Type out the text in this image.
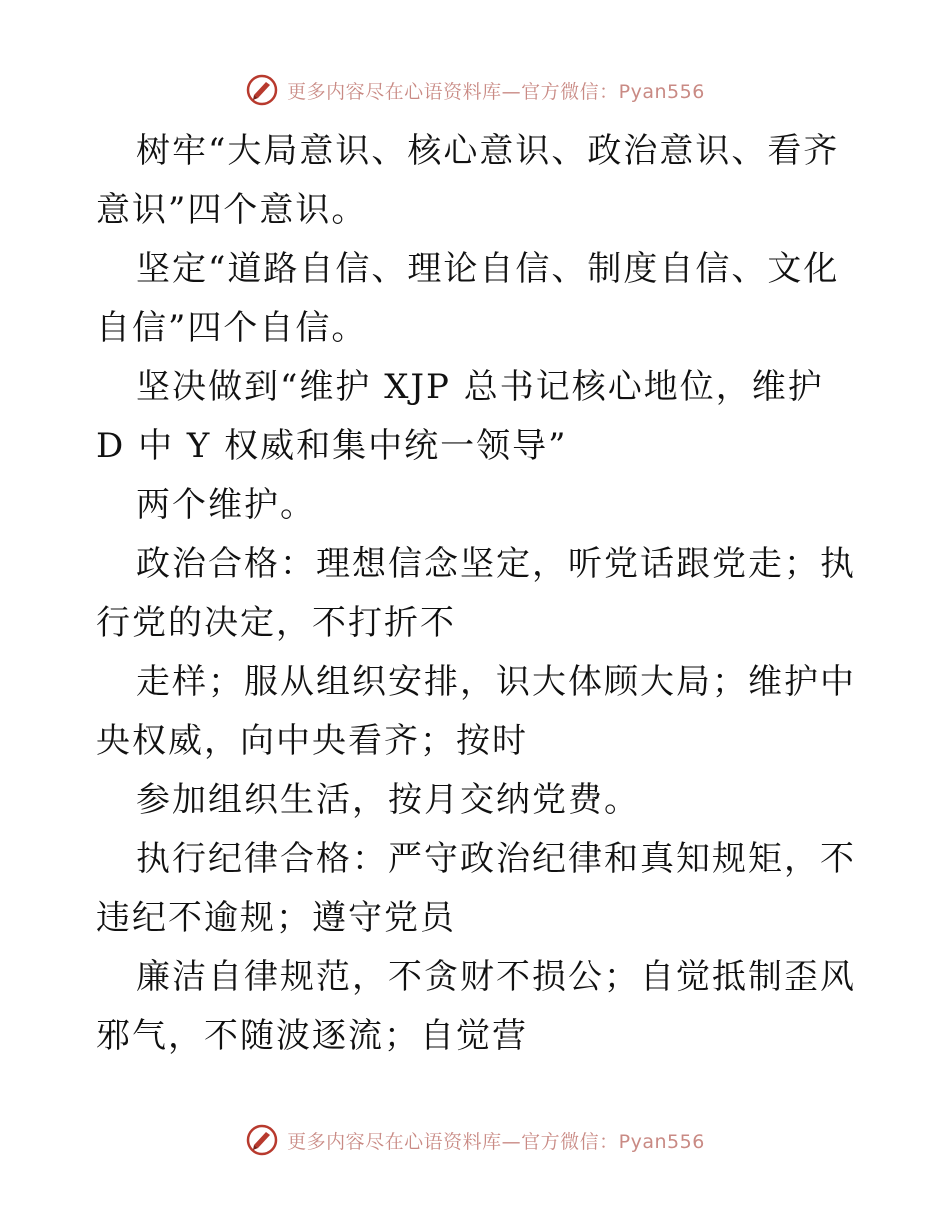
更多内容尽在心语资料库—官方微信：Pyan556

树牢“大局意识、核心意识、政治意识、看齐意识”四个意识。

坚定“道路自信、理论自信、制度自信、文化自信”四个自信。

坚决做到“维护 XJP 总书记核心地位，维护 D 中 Y 权威和集中统一领导”

两个维护。

政治合格：理想信念坚定，听党话跟党走；执行党的决定，不打折不

走样；服从组织安排，识大体顾大局；维护中央权威，向中央看齐；按时

参加组织生活，按月交纳党费。

执行纪律合格：严守政治纪律和真知规矩，不违纪不逾规；遵守党员

廉洁自律规范，不贪财不损公；自觉抵制歪风邪气，不随波逐流；自觉营

更多内容尽在心语资料库—官方微信：Pyan556
